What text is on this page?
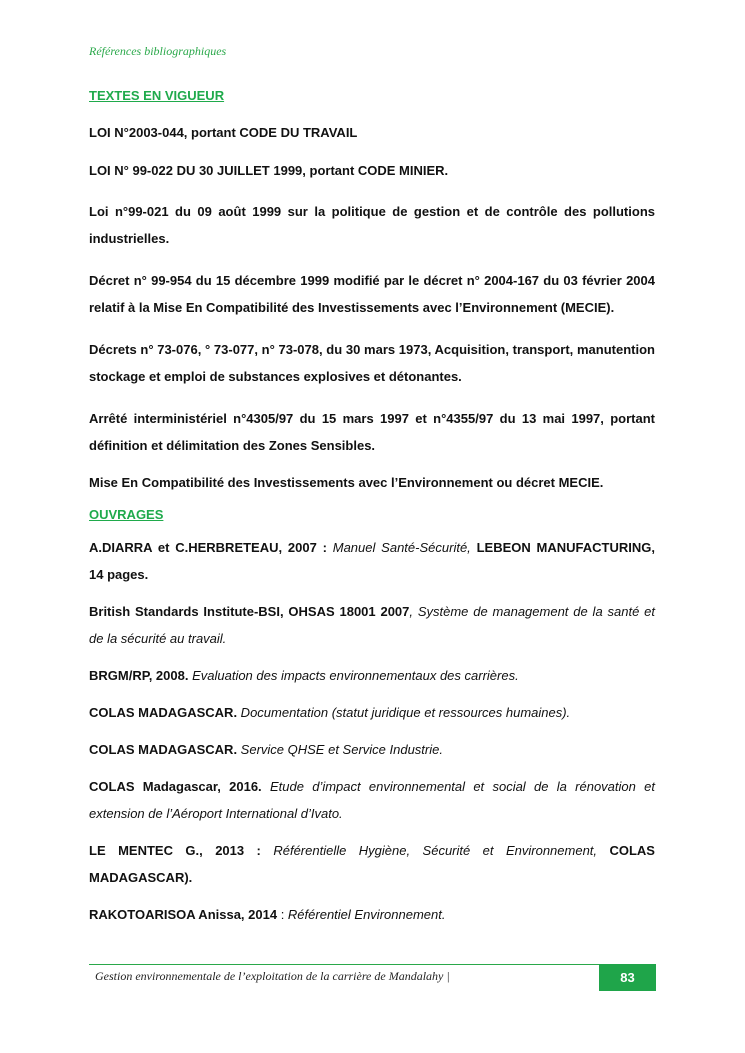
Références bibliographiques

TEXTES EN VIGUEUR

LOI N°2003-044, portant CODE DU TRAVAIL

LOI N° 99-022 DU 30 JUILLET 1999, portant CODE MINIER.

Loi n°99-021 du 09 août 1999 sur la politique de gestion et de contrôle des pollutions industrielles.

Décret n° 99-954 du 15 décembre 1999 modifié par le décret n° 2004-167 du 03 février 2004 relatif à la Mise En Compatibilité des Investissements avec l’Environnement (MECIE).

Décrets n° 73-076, ° 73-077, n° 73-078, du 30 mars 1973, Acquisition, transport, manutention stockage et emploi de substances explosives et détonantes.

Arrêté interministériel n°4305/97 du 15 mars 1997 et n°4355/97 du 13 mai 1997, portant définition et délimitation des Zones Sensibles.

Mise En Compatibilité des Investissements avec l’Environnement ou décret MECIE.

OUVRAGES

A.DIARRA et C.HERBRETEAU, 2007 : Manuel Santé-Sécurité, LEBEON MANUFACTURING, 14 pages.

British Standards Institute-BSI, OHSAS 18001 2007, Système de management de la santé et de la sécurité au travail.

BRGM/RP, 2008. Evaluation des impacts environnementaux des carrières.

COLAS MADAGASCAR. Documentation (statut juridique et ressources humaines).

COLAS MADAGASCAR. Service QHSE et Service Industrie.

COLAS Madagascar, 2016. Etude d’impact environnemental et social de la rénovation et extension de l’Aéroport International d’Ivato.

LE MENTEC G., 2013 : Référentielle Hygiène, Sécurité et Environnement, COLAS MADAGASCAR).

RAKOTOARISOA Anissa, 2014 : Référentiel Environnement.

Gestion environnementale de l’exploitation de la carrière de Mandalahy |	83
